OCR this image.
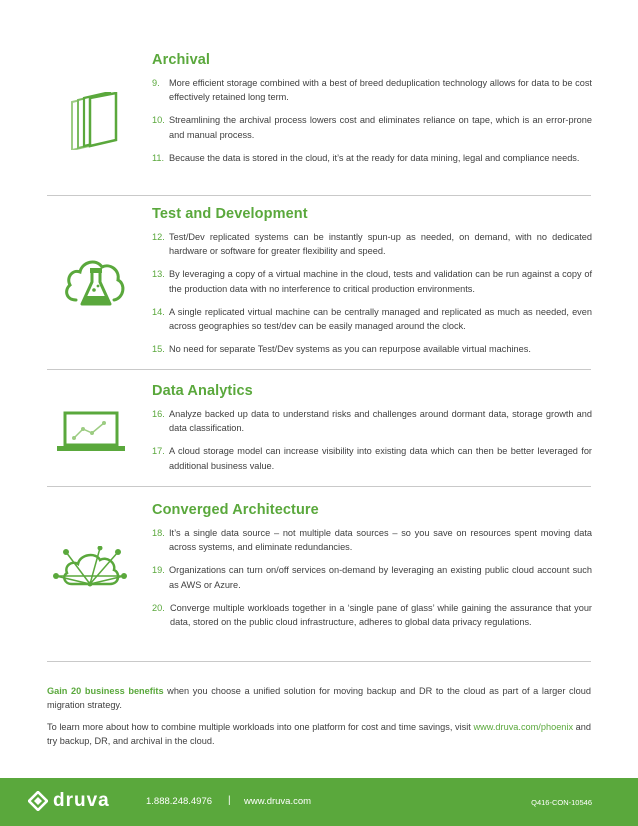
Archival
9. More efficient storage combined with a best of breed deduplication technology allows for data to be cost effectively retained long term.
10. Streamlining the archival process lowers cost and eliminates reliance on tape, which is an error-prone and manual process.
11. Because the data is stored in the cloud, it’s at the ready for data mining, legal and compliance needs.
Test and Development
12. Test/Dev replicated systems can be instantly spun-up as needed, on demand, with no dedicated hardware or software for greater flexibility and speed.
13. By leveraging a copy of a virtual machine in the cloud, tests and validation can be run against a copy of the production data with no interference to critical production environments.
14. A single replicated virtual machine can be centrally managed and replicated as much as needed, even across geographies so test/dev can be easily managed around the clock.
15. No need for separate Test/Dev systems as you can repurpose available virtual machines.
Data Analytics
16. Analyze backed up data to understand risks and challenges around dormant data, storage growth and data classification.
17. A cloud storage model can increase visibility into existing data which can then be better leveraged for additional business value.
Converged Architecture
18. It’s a single data source – not multiple data sources – so you save on resources spent moving data across systems, and eliminate redundancies.
19. Organizations can turn on/off services on-demand by leveraging an existing public cloud account such as AWS or Azure.
20. Converge multiple workloads together in a ‘single pane of glass’ while gaining the assurance that your data, stored on the public cloud infrastructure, adheres to global data privacy regulations.
Gain 20 business benefits when you choose a unified solution for moving backup and DR to the cloud as part of a larger cloud migration strategy.
To learn more about how to combine multiple workloads into one platform for cost and time savings, visit www.druva.com/phoenix and try backup, DR, and archival in the cloud.
druva	1.888.248.4976 | www.druva.com	Q416-CON-10546
